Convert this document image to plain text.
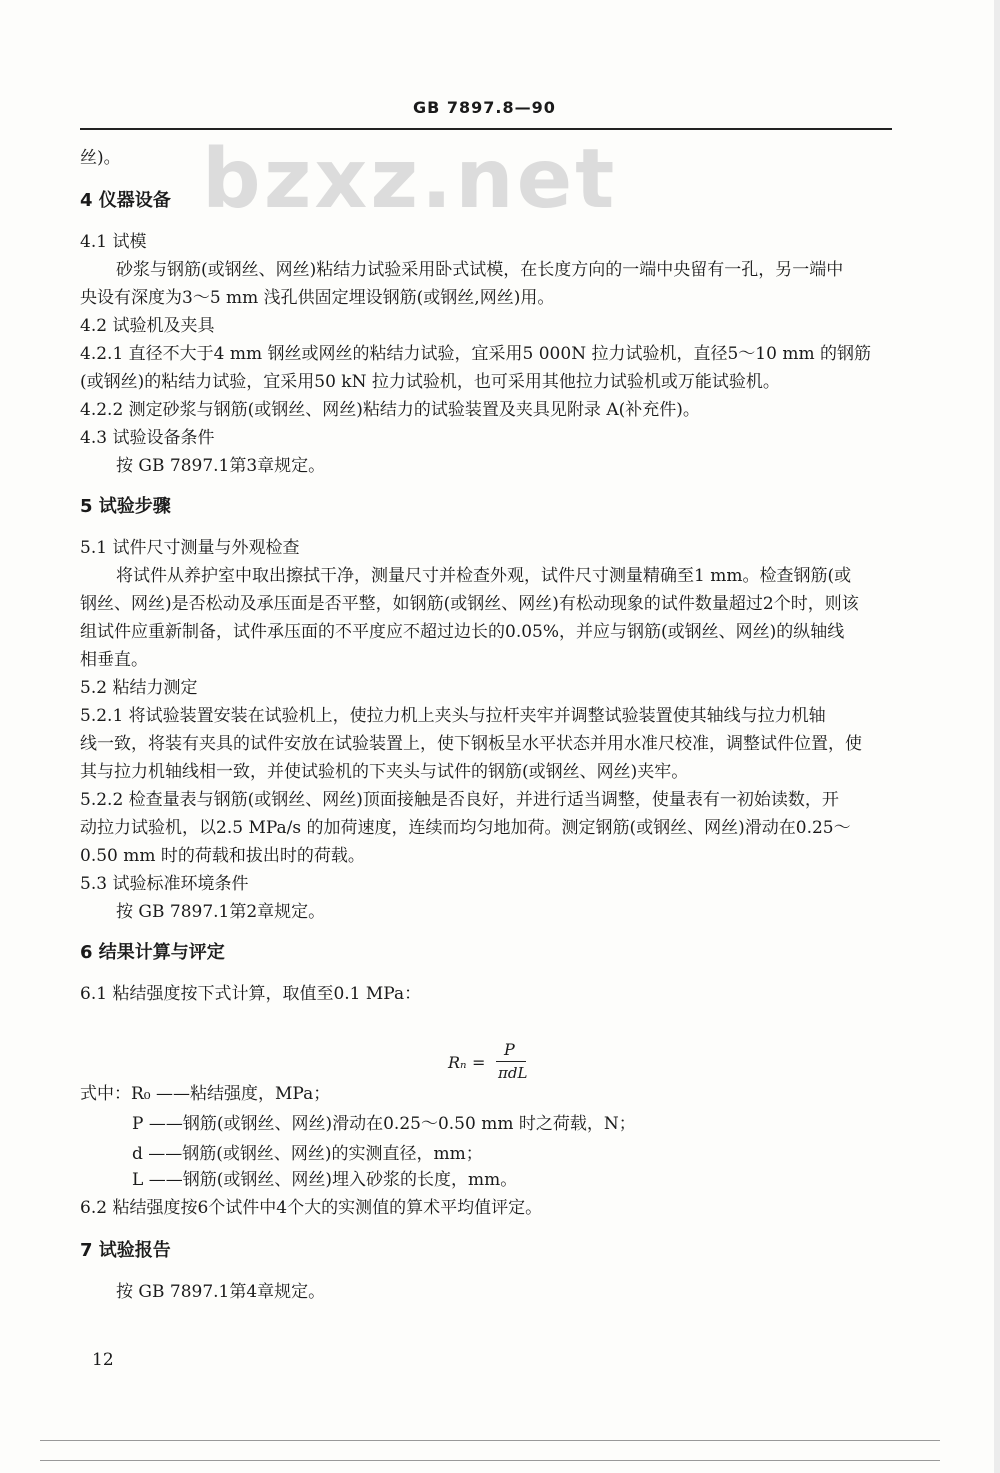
GB 7897.8—90
bzxz.net
丝)。
4 仪器设备
4.1 试模
砂浆与钢筋(或钢丝、网丝)粘结力试验采用卧式试模，在长度方向的一端中央留有一孔，另一端中
央设有深度为3～5 mm 浅孔供固定埋设钢筋(或钢丝,网丝)用。
4.2 试验机及夹具
4.2.1 直径不大于4 mm 钢丝或网丝的粘结力试验，宜采用5 000N 拉力试验机，直径5～10 mm 的钢筋
(或钢丝)的粘结力试验，宜采用50 kN 拉力试验机，也可采用其他拉力试验机或万能试验机。
4.2.2 测定砂浆与钢筋(或钢丝、网丝)粘结力的试验装置及夹具见附录 A(补充件)。
4.3 试验设备条件
按 GB 7897.1第3章规定。
5 试验步骤
5.1 试件尺寸测量与外观检查
将试件从养护室中取出擦拭干净，测量尺寸并检查外观，试件尺寸测量精确至1 mm。检查钢筋(或
钢丝、网丝)是否松动及承压面是否平整，如钢筋(或钢丝、网丝)有松动现象的试件数量超过2个时，则该
组试件应重新制备，试件承压面的不平度应不超过边长的0.05%，并应与钢筋(或钢丝、网丝)的纵轴线
相垂直。
5.2 粘结力测定
5.2.1 将试验装置安装在试验机上，使拉力机上夹头与拉杆夹牢并调整试验装置使其轴线与拉力机轴
线一致，将装有夹具的试件安放在试验装置上，使下钢板呈水平状态并用水准尺校准，调整试件位置，使
其与拉力机轴线相一致，并使试验机的下夹头与试件的钢筋(或钢丝、网丝)夹牢。
5.2.2 检查量表与钢筋(或钢丝、网丝)顶面接触是否良好，并进行适当调整，使量表有一初始读数，开
动拉力试验机，以2.5 MPa/s 的加荷速度，连续而均匀地加荷。测定钢筋(或钢丝、网丝)滑动在0.25～
0.50 mm 时的荷载和拔出时的荷载。
5.3 试验标准环境条件
按 GB 7897.1第2章规定。
6 结果计算与评定
6.1 粘结强度按下式计算，取值至0.1 MPa：
式中：R₀ ——粘结强度，MPa；
P ——钢筋(或钢丝、网丝)滑动在0.25～0.50 mm 时之荷载，N；
d ——钢筋(或钢丝、网丝)的实测直径，mm；
L ——钢筋(或钢丝、网丝)埋入砂浆的长度，mm。
6.2 粘结强度按6个试件中4个大的实测值的算术平均值评定。
7 试验报告
按 GB 7897.1第4章规定。
12
Rₙ =
P
πdL
